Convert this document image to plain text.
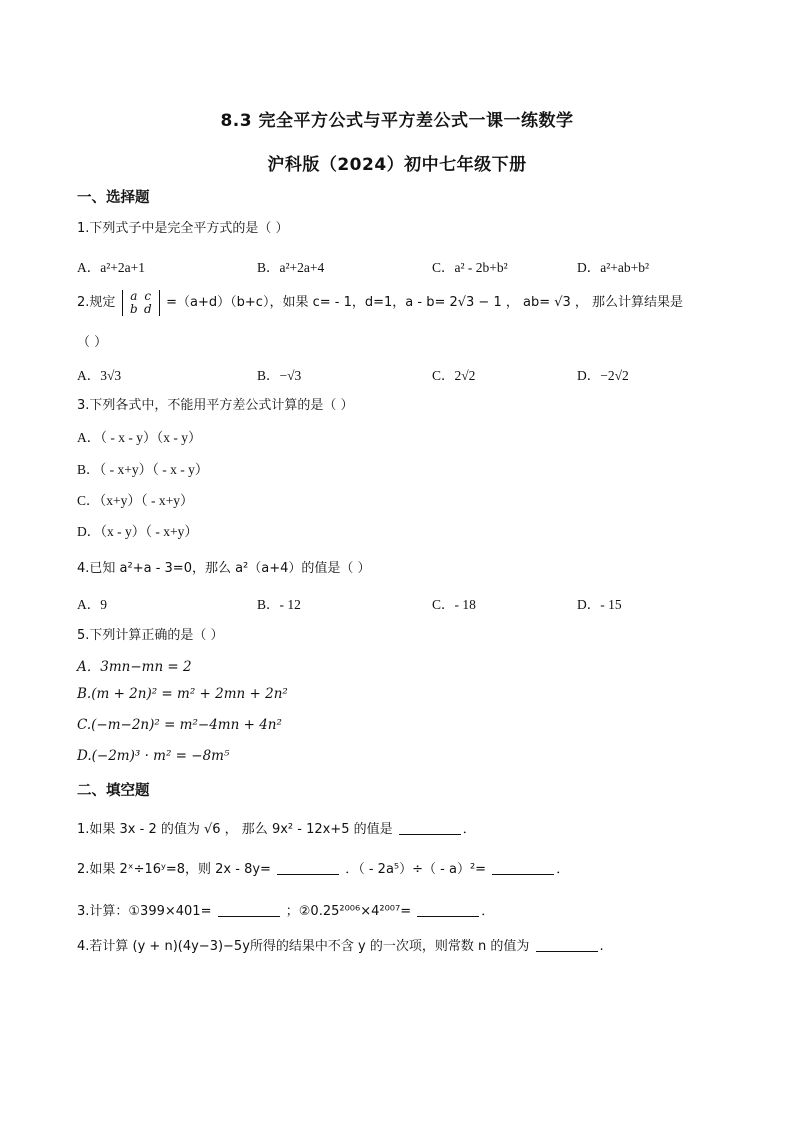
8.3 完全平方公式与平方差公式一课一练数学
沪科版（2024）初中七年级下册
一、选择题
1.下列式子中是完全平方式的是（ ）
A．a²+2a+1	B．a²+2a+4	C．a² - 2b+b²	D．a²+ab+b²
2.规定 a c
b d =（a+d）（b+c），如果 c= - 1，d=1，a - b= 2√3 − 1 ， ab= √3 ， 那么计算结果是
（ ）
A．3√3	B．−√3	C．2√2	D．−2√2
3.下列各式中，不能用平方差公式计算的是（ ）
A．（ - x - y）（x - y）
B．（ - x+y）（ - x - y）
C．（x+y）（ - x+y）
D．（x - y）（ - x+y）
4.已知 a²+a - 3=0，那么 a²（a+4）的值是（ ）
A．9	B．- 12	C．- 18	D．- 15
5.下列计算正确的是（ ）
A．3mn−mn = 2
B.(m + 2n)² = m² + 2mn + 2n²
C.(−m−2n)² = m²−4mn + 4n²
D.(−2m)³ · m² = −8m⁵
二、填空题
1.如果 3x - 2 的值为 √6 ， 那么 9x² - 12x+5 的值是	．
2.如果 2ˣ÷16ʸ=8，则 2x - 8y=	．（ - 2a⁵）÷（ - a）²=	．
3.计算：①399×401=	；②0.25²⁰⁰⁶×4²⁰⁰⁷=	．
4.若计算 (y + n)(4y−3)−5y所得的结果中不含 y 的一次项，则常数 n 的值为	.
